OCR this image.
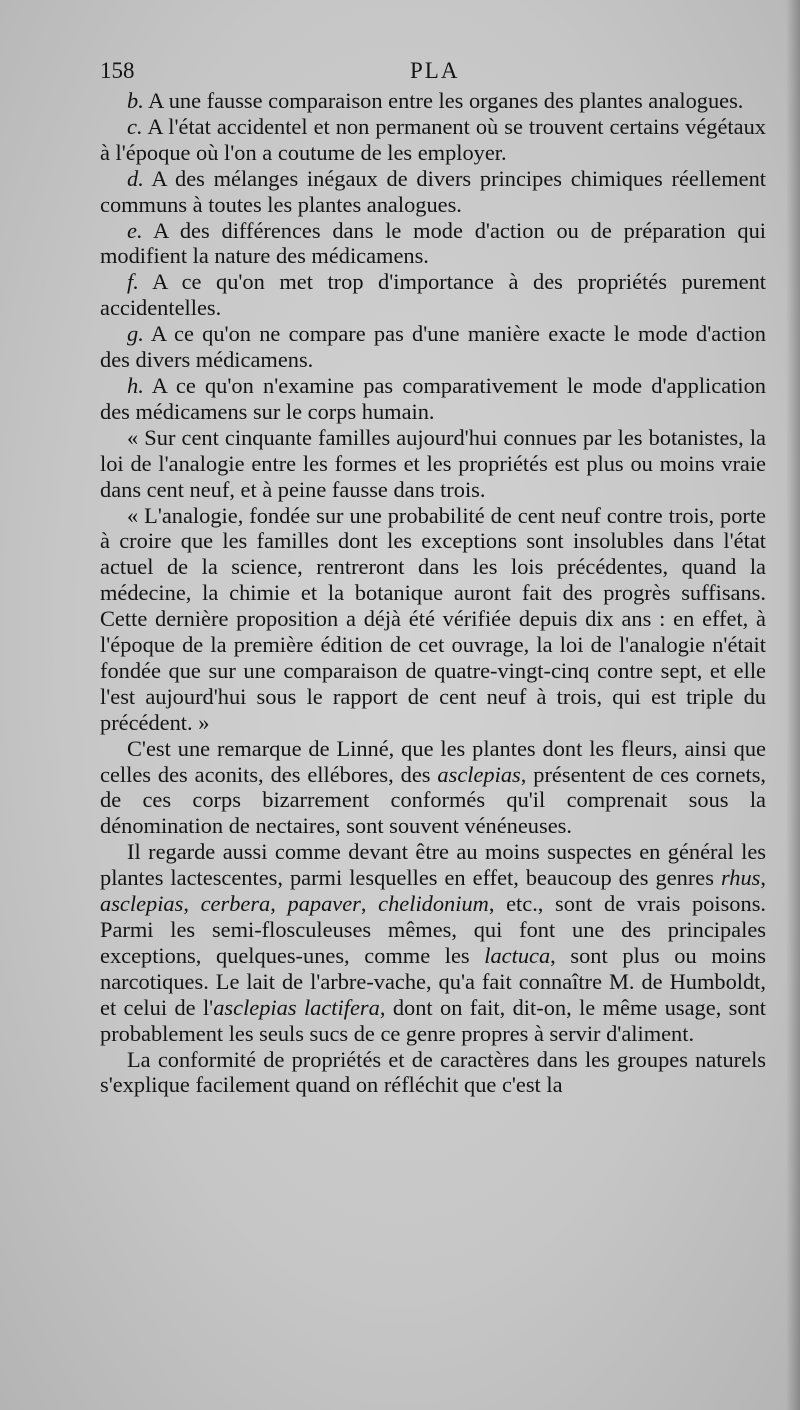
158	PLA

b. A une fausse comparaison entre les organes des plantes analogues.

c. A l'état accidentel et non permanent où se trouvent certains végétaux à l'époque où l'on a coutume de les employer.

d. A des mélanges inégaux de divers principes chimiques réellement communs à toutes les plantes analogues.

e. A des différences dans le mode d'action ou de préparation qui modifient la nature des médicamens.

f. A ce qu'on met trop d'importance à des propriétés purement accidentelles.

g. A ce qu'on ne compare pas d'une manière exacte le mode d'action des divers médicamens.

h. A ce qu'on n'examine pas comparativement le mode d'application des médicamens sur le corps humain.

« Sur cent cinquante familles aujourd'hui connues par les botanistes, la loi de l'analogie entre les formes et les propriétés est plus ou moins vraie dans cent neuf, et à peine fausse dans trois.

« L'analogie, fondée sur une probabilité de cent neuf contre trois, porte à croire que les familles dont les exceptions sont insolubles dans l'état actuel de la science, rentreront dans les lois précédentes, quand la médecine, la chimie et la botanique auront fait des progrès suffisans. Cette dernière proposition a déjà été vérifiée depuis dix ans : en effet, à l'époque de la première édition de cet ouvrage, la loi de l'analogie n'était fondée que sur une comparaison de quatre-vingt-cinq contre sept, et elle l'est aujourd'hui sous le rapport de cent neuf à trois, qui est triple du précédent. »

C'est une remarque de Linné, que les plantes dont les fleurs, ainsi que celles des aconits, des ellébores, des asclepias, présentent de ces cornets, de ces corps bizarrement conformés qu'il comprenait sous la dénomination de nectaires, sont souvent vénéneuses.

Il regarde aussi comme devant être au moins suspectes en général les plantes lactescentes, parmi lesquelles en effet, beaucoup des genres rhus, asclepias, cerbera, papaver, chelidonium, etc., sont de vrais poisons. Parmi les semi-flosculeuses mêmes, qui font une des principales exceptions, quelques-unes, comme les lactuca, sont plus ou moins narcotiques. Le lait de l'arbre-vache, qu'a fait connaître M. de Humboldt, et celui de l'asclepias lactifera, dont on fait, dit-on, le même usage, sont probablement les seuls sucs de ce genre propres à servir d'aliment.

La conformité de propriétés et de caractères dans les groupes naturels s'explique facilement quand on réfléchit que c'est la
